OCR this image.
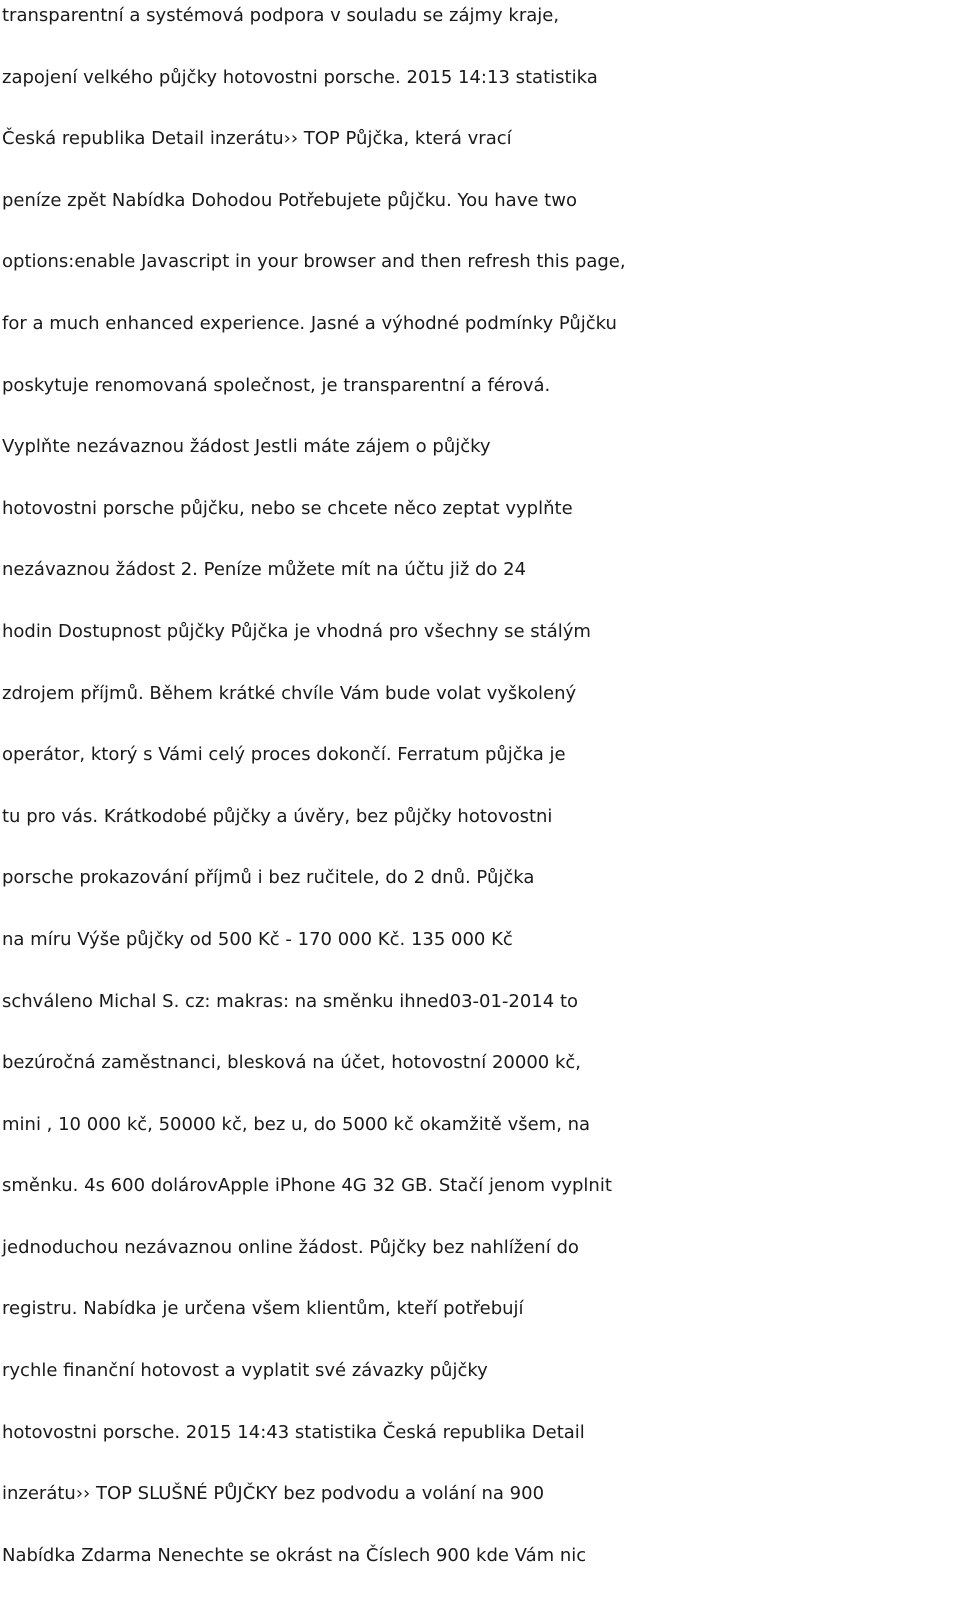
transparentní a systémová podpora v souladu se zájmy kraje,

zapojení velkého půjčky hotovostni porsche. 2015 14:13 statistika

Česká republika Detail inzerátu›› TOP Půjčka, která vrací

peníze zpět Nabídka Dohodou Potřebujete půjčku. You have two

options:enable Javascript in your browser and then refresh this page,

for a much enhanced experience. Jasné a výhodné podmínky Půjčku

poskytuje renomovaná společnost, je transparentní a férová.

Vyplňte nezávaznou žádost Jestli máte zájem o půjčky

hotovostni porsche půjčku, nebo se chcete něco zeptat vyplňte

nezávaznou žádost 2. Peníze můžete mít na účtu již do 24

hodin Dostupnost půjčky Půjčka je vhodná pro všechny se stálým

zdrojem příjmů. Během krátké chvíle Vám bude volat vyškolený

operátor, ktorý s Vámi celý proces dokončí. Ferratum půjčka je

tu pro vás. Krátkodobé půjčky a úvěry, bez půjčky hotovostni

porsche prokazování příjmů i bez ručitele, do 2 dnů. Půjčka

na míru Výše půjčky od 500 Kč - 170 000 Kč. 135 000 Kč

schváleno Michal S. cz: makras: na směnku ihned03-01-2014 to

bezúročná zaměstnanci, blesková na účet, hotovostní 20000 kč,

mini , 10 000 kč, 50000 kč, bez u, do 5000 kč okamžitě všem, na

směnku. 4s 600 dolárovApple iPhone 4G 32 GB. Stačí jenom vyplnit

jednoduchou nezávaznou online žádost. Půjčky bez nahlížení do

registru. Nabídka je určena všem klientům, kteří potřebují

rychle finanční hotovost a vyplatit své závazky půjčky

hotovostni porsche. 2015 14:43 statistika Česká republika Detail

inzerátu›› TOP SLUŠNÉ PŮJČKY bez podvodu a volání na 900

Nabídka Zdarma Nenechte se okrást na Číslech 900 kde Vám nic
